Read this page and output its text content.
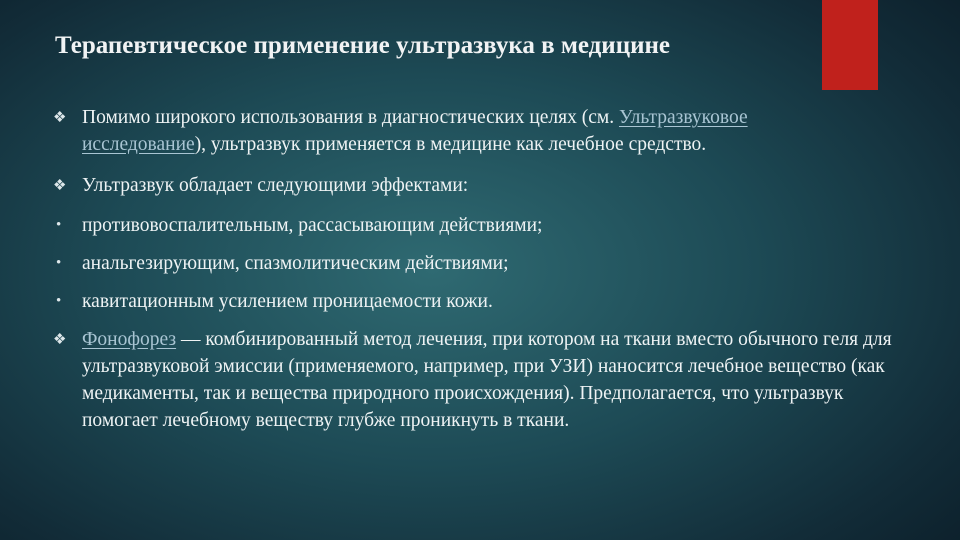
Терапевтическое применение ультразвука в медицине
❖ Помимо широкого использования в диагностических целях (см. Ультразвуковое
исследование), ультразвук применяется в медицине как лечебное средство.
❖ Ультразвук обладает следующими эффектами:
• противовоспалительным, рассасывающим действиями;
• анальгезирующим, спазмолитическим действиями;
• кавитационным усилением проницаемости кожи.
❖ Фонофорез — комбинированный метод лечения, при котором на ткани вместо обычного геля для ультразвуковой эмиссии (применяемого, например, при УЗИ) наносится лечебное вещество (как медикаменты, так и вещества природного происхождения). Предполагается, что ультразвук помогает лечебному веществу глубже проникнуть в ткани.
